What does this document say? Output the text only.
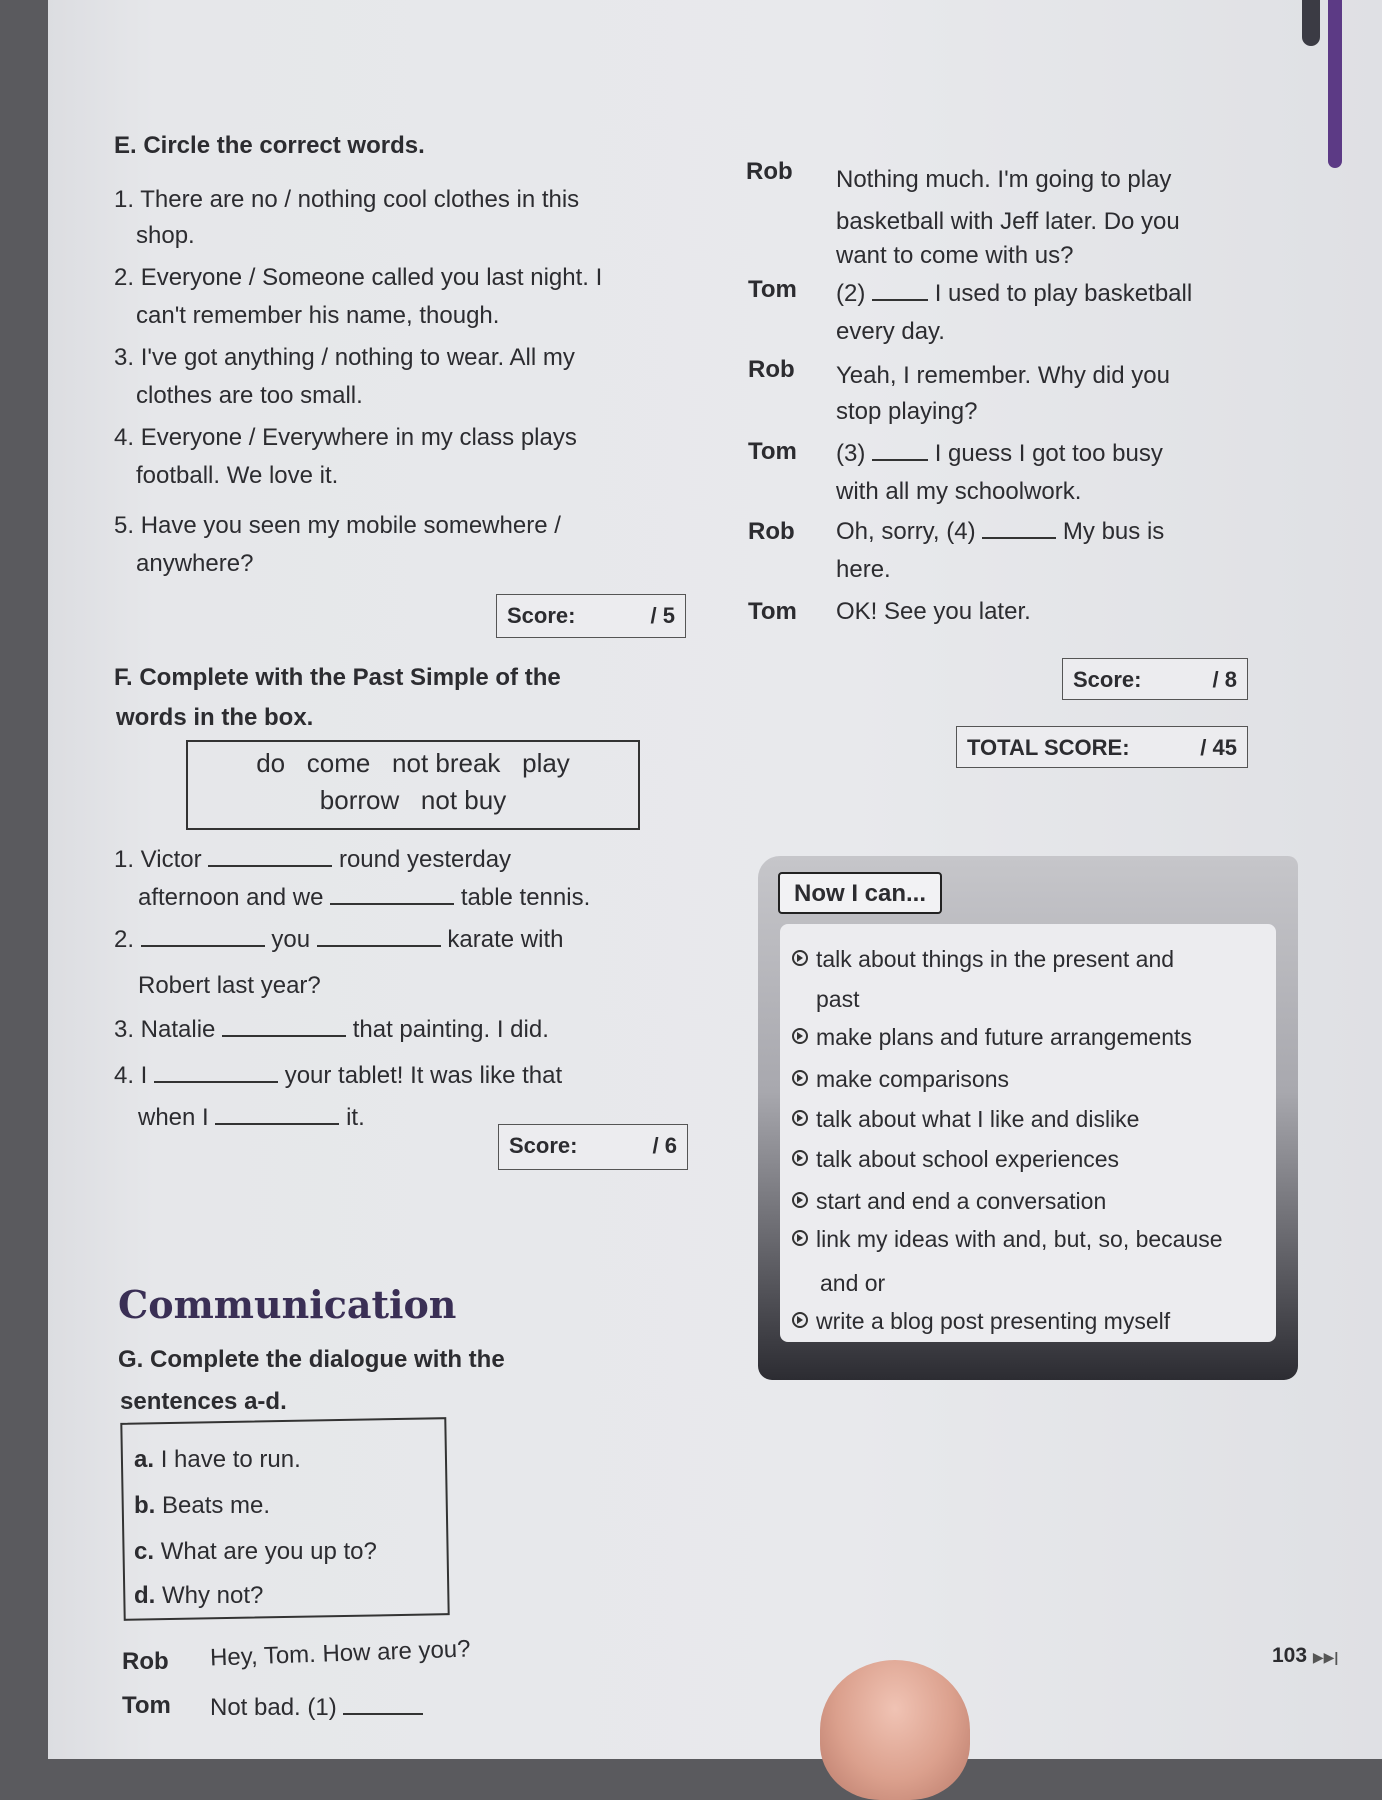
E. Circle the correct words.
1. There are no / nothing cool clothes in this
shop.
2. Everyone / Someone called you last night. I
can't remember his name, though.
3. I've got anything / nothing to wear. All my
clothes are too small.
4. Everyone / Everywhere in my class plays
football. We love it.
5. Have you seen my mobile somewhere /
anywhere?
Score:	/ 5
Rob Nothing much. I'm going to play
basketball with Jeff later. Do you
want to come with us?
Tom (2)	I used to play basketball
every day.
Rob Yeah, I remember. Why did you
stop playing?
Tom (3)	I guess I got too busy
with all my schoolwork.
Rob Oh, sorry, (4)	My bus is
here.
Tom OK! See you later.
Score:	/ 8
TOTAL SCORE:	/ 45
F. Complete with the Past Simple of the
words in the box.
do   come   not break   play
borrow   not buy
1. Victor	round yesterday
afternoon and we	table tennis.
2.	you	karate with
Robert last year?
3. Natalie	that painting. I did.
4. I	your tablet! It was like that
when I	it.
Score:	/ 6
Now I can...
talk about things in the present and
past
make plans and future arrangements
make comparisons
talk about what I like and dislike
talk about school experiences
start and end a conversation
link my ideas with and, but, so, because
and or
write a blog post presenting myself
Communication
G. Complete the dialogue with the
sentences a-d.
a. I have to run.
b. Beats me.
c. What are you up to?
d. Why not?
Rob Hey, Tom. How are you?
Tom Not bad. (1)
103 ▶▶|
